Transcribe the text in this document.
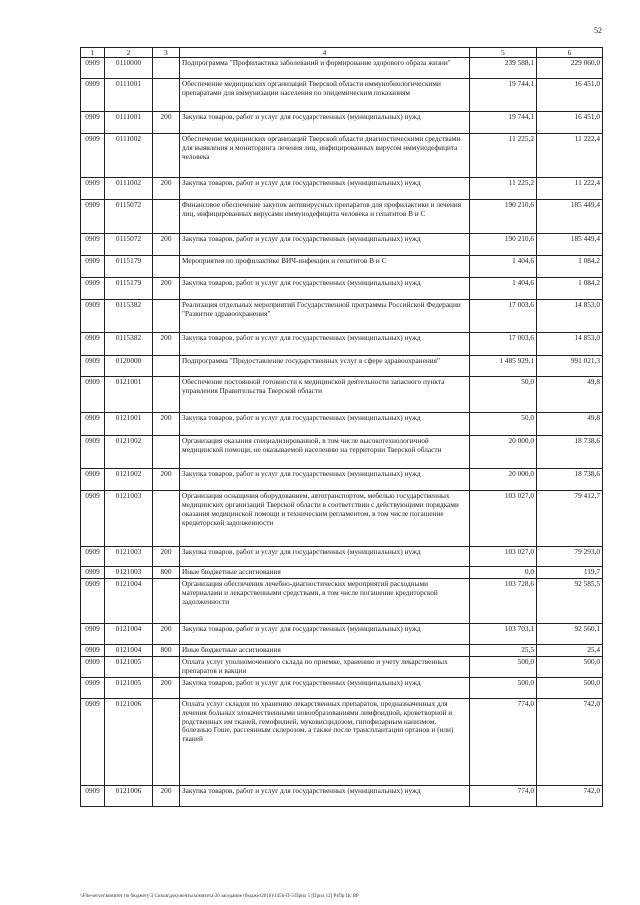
52
1	2	3	4	5	6
0909	0110000		Подпрограмма "Профилактика заболеваний и формирование здорового образа жизни"	239 588,1	229 060,0
0909	0111001		Обеспечение медицинских организаций Тверской области иммунобиологическими препаратами для иммунизации населения по эпидемическим показаниям	19 744,1	16 451,0
0909	0111001	200	Закупка товаров, работ и услуг для государственных (муниципальных) нужд	19 744,1	16 451,0
0909	0111002		Обеспечение медицинских организаций Тверской области диагностическими средствами для выявления и мониторинга лечения лиц, инфицированных вирусом иммунодефицита человека	11 225,2	11 222,4
0909	0111002	200	Закупка товаров, работ и услуг для государственных (муниципальных) нужд	11 225,2	11 222,4
0909	0115072		Финансовое обеспечение закупок антивирусных препаратов для профилактики и лечения лиц, инфицированных вирусами иммунодефицита человека и гепатитов В и С	190 210,6	185 449,4
0909	0115072	200	Закупка товаров, работ и услуг для государственных (муниципальных) нужд	190 210,6	185 449,4
0909	0115179		Мероприятия по профилактике ВИЧ-инфекции и гепатитов В и С	1 404,6	1 084,2
0909	0115179	200	Закупка товаров, работ и услуг для государственных (муниципальных) нужд	1 404,6	1 084,2
0909	0115382		Реализация отдельных мероприятий Государственной программы Российской Федерации "Развитие здравоохранения"	17 003,6	14 853,0
0909	0115382	200	Закупка товаров, работ и услуг для государственных (муниципальных) нужд	17 003,6	14 853,0
0909	0120000		Подпрограмма "Предоставление государственных услуг в сфере здравоохранения"	1 485 929,1	991 021,3
0909	0121001		Обеспечение постоянной готовности к медицинской деятельности запасного пункта управления Правительства Тверской области	50,0	49,8
0909	0121001	200	Закупка товаров, работ и услуг для государственных (муниципальных) нужд	50,0	49,8
0909	0121002		Организация оказания специализированной, в том числе высокотехнологичной медицинской помощи, не оказываемой населению на территории Тверской области	20 000,0	18 738,6
0909	0121002	200	Закупка товаров, работ и услуг для государственных (муниципальных) нужд	20 000,0	18 738,6
0909	0121003		Организация оснащения оборудованием, автотранспортом, мебелью государственных медицинских организаций Тверской области в соответствии с действующими порядками оказания медицинской помощи и техническим регламентом, в том числе погашение кредиторской задолженности	103 027,0	79 412,7
0909	0121003	200	Закупка товаров, работ и услуг для государственных (муниципальных) нужд	103 027,0	79 293,0
0909	0121003	800	Иные бюджетные ассигнования	0,0	119,7
0909	0121004		Организация обеспечения лечебно-диагностических мероприятий расходными материалами и лекарственными средствами, в том числе погашение кредиторской задолженности	103 728,6	92 585,5
0909	0121004	200	Закупка товаров, работ и услуг для государственных (муниципальных) нужд	103 703,1	92 560,1
0909	0121004	800	Иные бюджетные ассигнования	25,5	25,4
0909	0121005		Оплата услуг уполномоченного склада по приемке, хранению и учету лекарственных препаратов и вакцин	500,0	500,0
0909	0121005	200	Закупка товаров, работ и услуг для государственных (муниципальных) нужд	500,0	500,0
0909	0121006		Оплата услуг складов по хранению лекарственных препаратов, предназначенных для лечения больных злокачественными новообразованиями лимфоидной, кроветворной и родственных им тканей, гемофилией, муковисцидозом, гипофизарным нанизмом, болезнью Гоше, рассеянным склерозом, а также после трансплантации органов и (или) тканей	774,0	742,0
0909	0121006	200	Закупка товаров, работ и услуг для государственных (муниципальных) нужд	774,0	742,0
\\File-server\комитет по бюджету\3 Созыв\документы комитета\36 заседание (бюджет2016)\1456-П-5\Прил 5 [Прил 12] РзПр Цс ВР
